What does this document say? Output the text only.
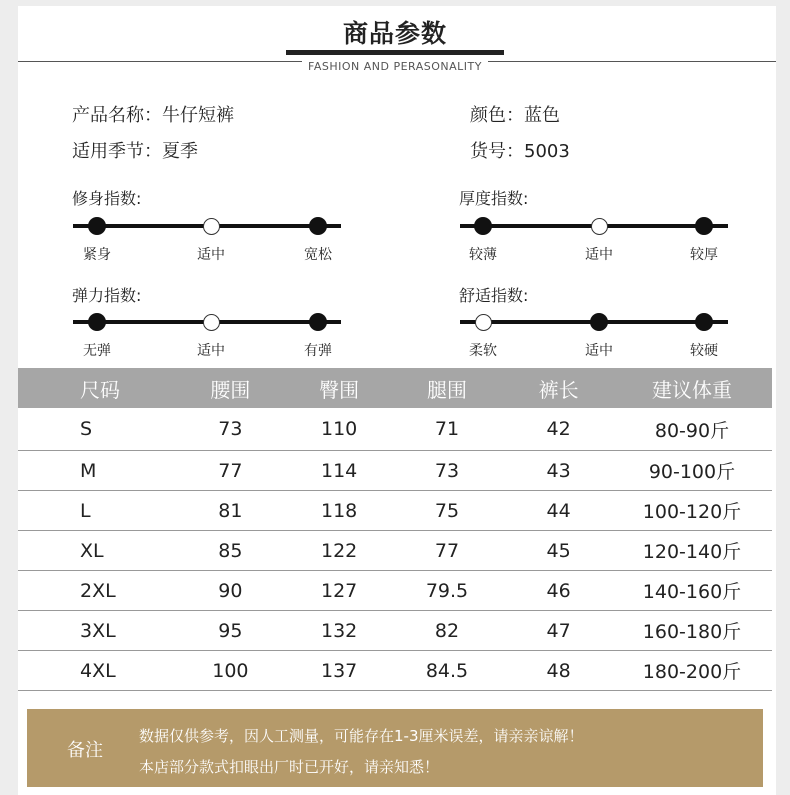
商品参数
FASHION AND PERASONALITY
产品名称：牛仔短裤
适用季节：夏季
颜色：蓝色
货号：5003
修身指数:
紧身	适中	宽松
厚度指数:
较薄	适中	较厚
弹力指数:
无弹	适中	有弹
舒适指数:
柔软	适中	较硬
尺码	腰围	臀围	腿围	裤长	建议体重
S	73	110	71	42	80-90斤
M	77	114	73	43	90-100斤
L	81	118	75	44	100-120斤
XL	85	122	77	45	120-140斤
2XL	90	127	79.5	46	140-160斤
3XL	95	132	82	47	160-180斤
4XL	100	137	84.5	48	180-200斤
备注
数据仅供参考，因人工测量，可能存在1-3厘米误差，请亲亲谅解！
本店部分款式扣眼出厂时已开好，请亲知悉！
